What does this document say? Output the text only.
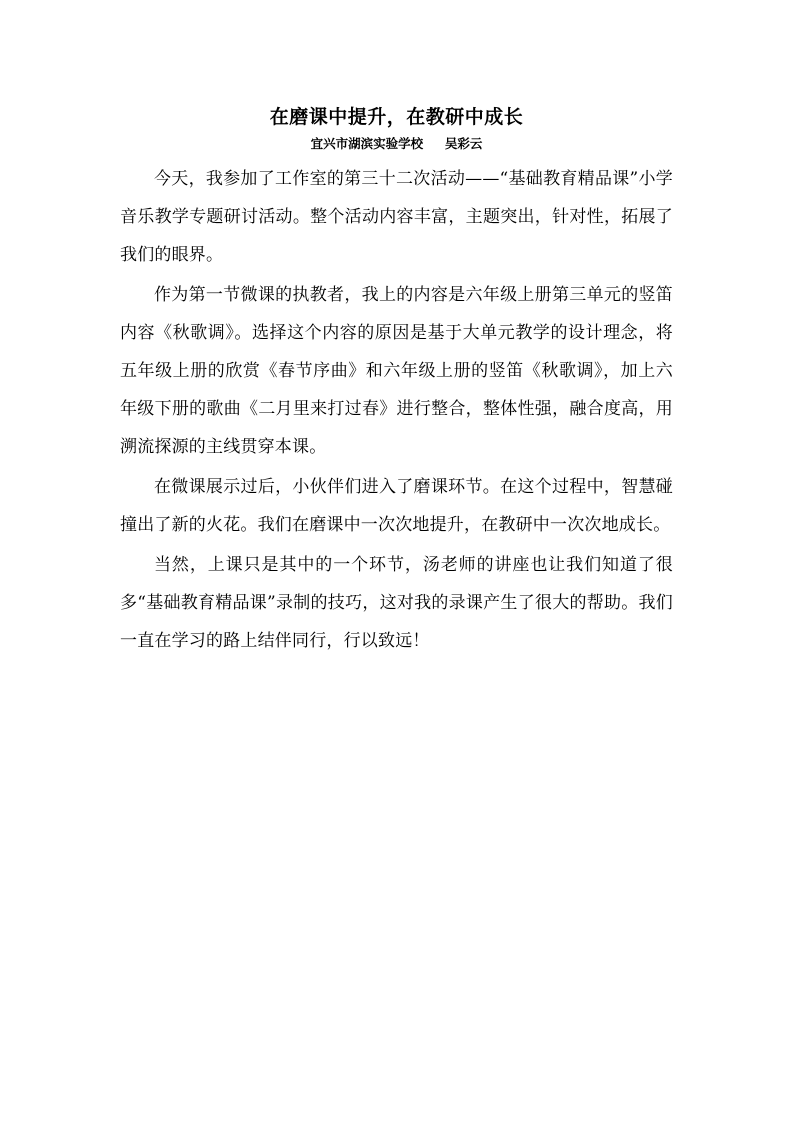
在磨课中提升，在教研中成长
宜兴市湖滨实验学校     吴彩云

今天，我参加了工作室的第三十二次活动——“基础教育精品课”小学音乐教学专题研讨活动。整个活动内容丰富，主题突出，针对性，拓展了我们的眼界。

作为第一节微课的执教者，我上的内容是六年级上册第三单元的竖笛内容《秋歌调》。选择这个内容的原因是基于大单元教学的设计理念，将五年级上册的欣赏《春节序曲》和六年级上册的竖笛《秋歌调》，加上六年级下册的歌曲《二月里来打过春》进行整合，整体性强，融合度高，用溯流探源的主线贯穿本课。

在微课展示过后，小伙伴们进入了磨课环节。在这个过程中，智慧碰撞出了新的火花。我们在磨课中一次次地提升，在教研中一次次地成长。

当然，上课只是其中的一个环节，汤老师的讲座也让我们知道了很多“基础教育精品课”录制的技巧，这对我的录课产生了很大的帮助。我们一直在学习的路上结伴同行，行以致远！
